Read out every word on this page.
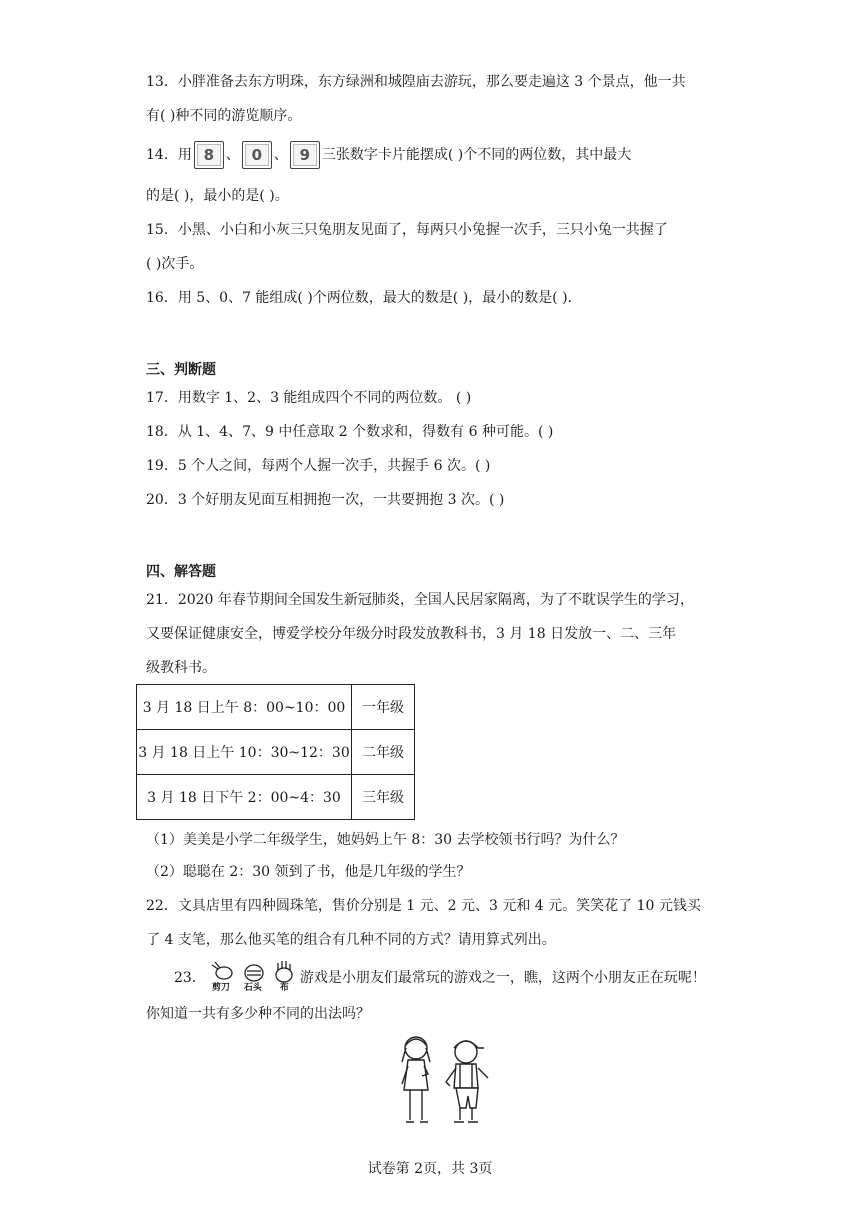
13．小胖准备去东方明珠，东方绿洲和城隍庙去游玩，那么要走遍这 3 个景点，他一共
有( )种不同的游览顺序。
14．用 8 、 0 、 9 三张数字卡片能摆成( )个不同的两位数，其中最大
的是( )，最小的是( )。
15．小黑、小白和小灰三只兔朋友见面了，每两只小兔握一次手，三只小兔一共握了
( )次手。
16．用 5、0、7 能组成( )个两位数，最大的数是( )，最小的数是( ).
三、判断题
17．用数字 1、2、3 能组成四个不同的两位数。 ( )
18．从 1、4、7、9 中任意取 2 个数求和，得数有 6 种可能。( )
19．5 个人之间，每两个人握一次手，共握手 6 次。( )
20．3 个好朋友见面互相拥抱一次，一共要拥抱 3 次。( )
四、解答题
21．2020 年春节期间全国发生新冠肺炎，全国人民居家隔离，为了不耽误学生的学习，
又要保证健康安全，博爱学校分年级分时段发放教科书，3 月 18 日发放一、二、三年
级教科书。
3 月 18 日上午 8：00~10：00	一年级
3 月 18 日上午 10：30~12：30	二年级
3 月 18 日下午 2：00~4：30	三年级
（1）美美是小学二年级学生，她妈妈上午 8：30 去学校领书行吗？为什么？
（2）聪聪在 2：30 领到了书，他是几年级的学生？
22．文具店里有四种圆珠笔，售价分别是 1 元、2 元、3 元和 4 元。笑笑花了 10 元钱买
了 4 支笔，那么他买笔的组合有几种不同的方式？请用算式列出。
23．
剪刀 石头 布
游戏是小朋友们最常玩的游戏之一，瞧，这两个小朋友正在玩呢！
你知道一共有多少种不同的出法吗？
试卷第 2页，共 3页
